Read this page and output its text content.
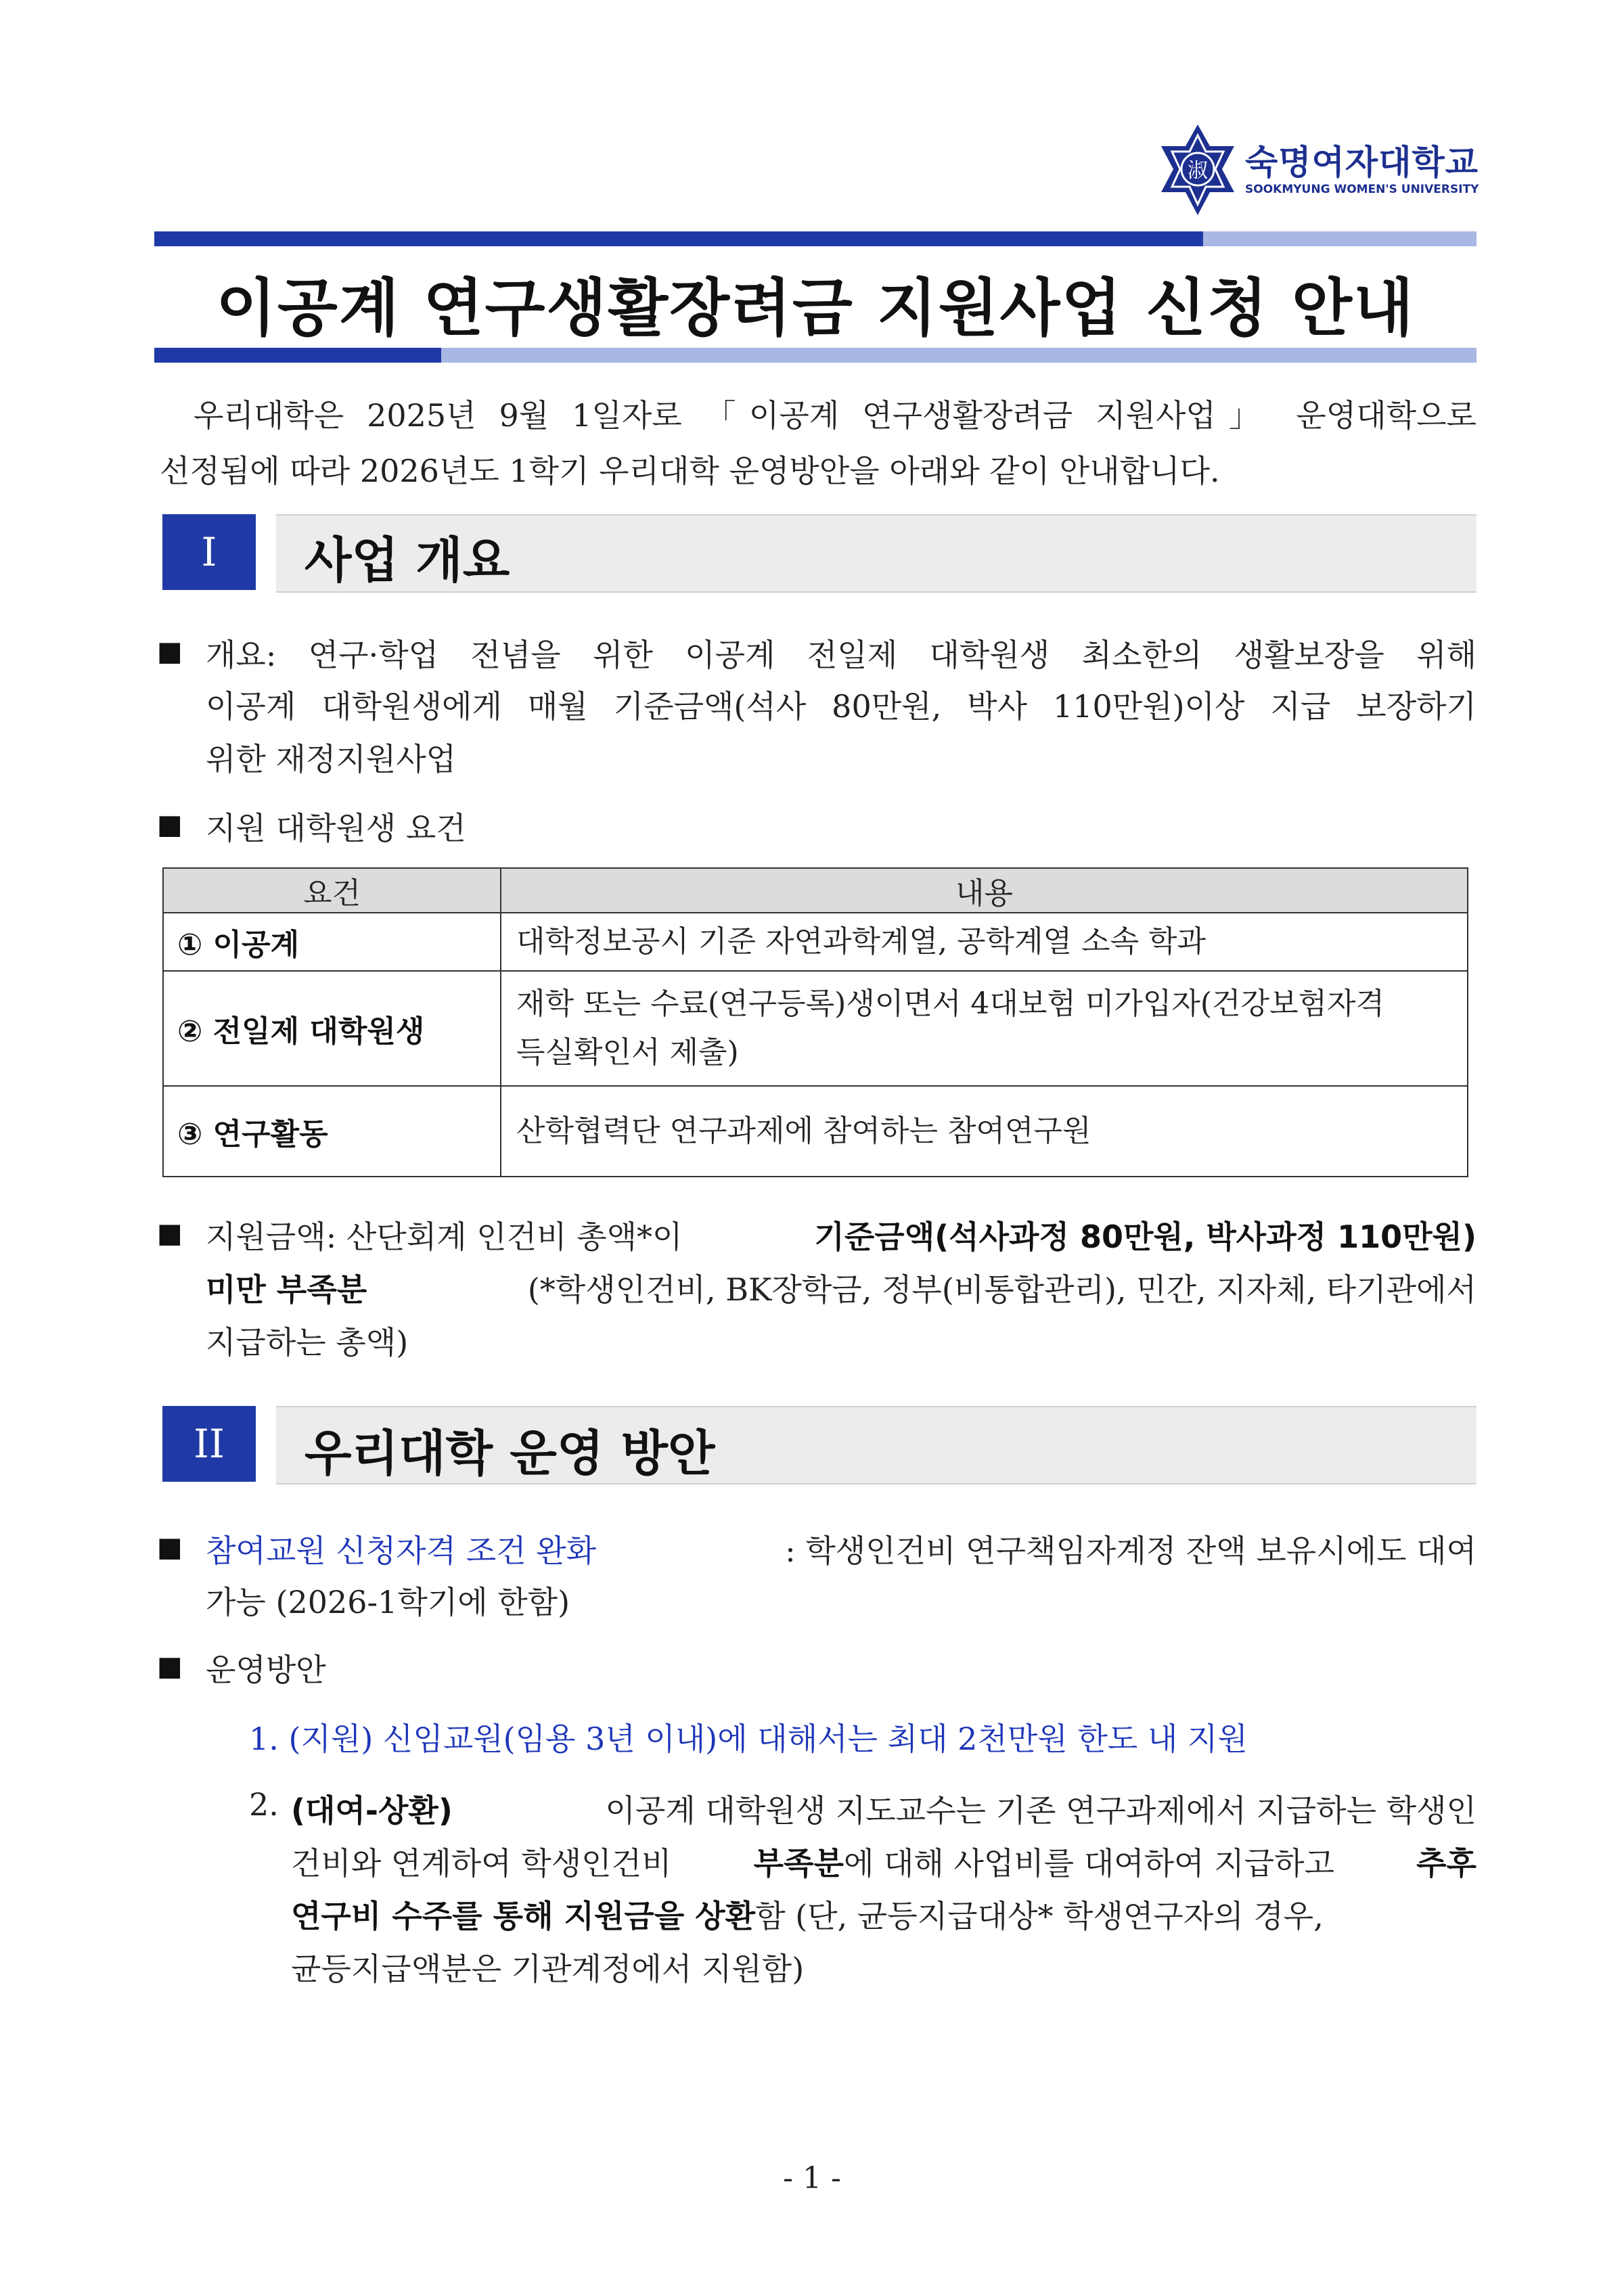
淑 숙명여자대학교
SOOKMYUNG WOMEN'S UNIVERSITY
이공계 연구생활장려금 지원사업 신청 안내
우리대학은 2025년 9월 1일자로 「이공계 연구생활장려금 지원사업」 운영대학으로
선정됨에 따라 2026년도 1학기 우리대학 운영방안을 아래와 같이 안내합니다.
I	사업 개요
■ 개요: 연구·학업 전념을 위한 이공계 전일제 대학원생 최소한의 생활보장을 위해
이공계 대학원생에게 매월 기준금액(석사 80만원, 박사 110만원)이상 지급 보장하기
위한 재정지원사업
■ 지원 대학원생 요건
요건	내용
① 이공계	대학정보공시 기준 자연과학계열, 공학계열 소속 학과
② 전일제 대학원생	재학 또는 수료(연구등록)생이면서 4대보험 미가입자(건강보험자격
득실확인서 제출)

③ 연구활동	산학협력단 연구과제에 참여하는 참여연구원
■ 지원금액: 산단회계 인건비 총액*이	기준금액(석사과정 80만원, 박사과정 110만원)
미만 부족분	(*학생인건비, BK장학금, 정부(비통합관리), 민간, 지자체, 타기관에서
지급하는 총액)
II	우리대학 운영 방안
■ 참여교원 신청자격 조건 완화	: 학생인건비 연구책임자계정 잔액 보유시에도 대여
가능 (2026-1학기에 한함)
■ 운영방안
1. (지원) 신임교원(임용 3년 이내)에 대해서는 최대 2천만원 한도 내 지원
2. (대여-상환)	이공계 대학원생 지도교수는 기존 연구과제에서 지급하는 학생인
건비와 연계하여 학생인건비	부족분에 대해 사업비를 대여하여 지급하고	추후
연구비 수주를 통해 지원금을 상환함 (단, 균등지급대상* 학생연구자의 경우,
균등지급액분은 기관계정에서 지원함)
- 1 -
